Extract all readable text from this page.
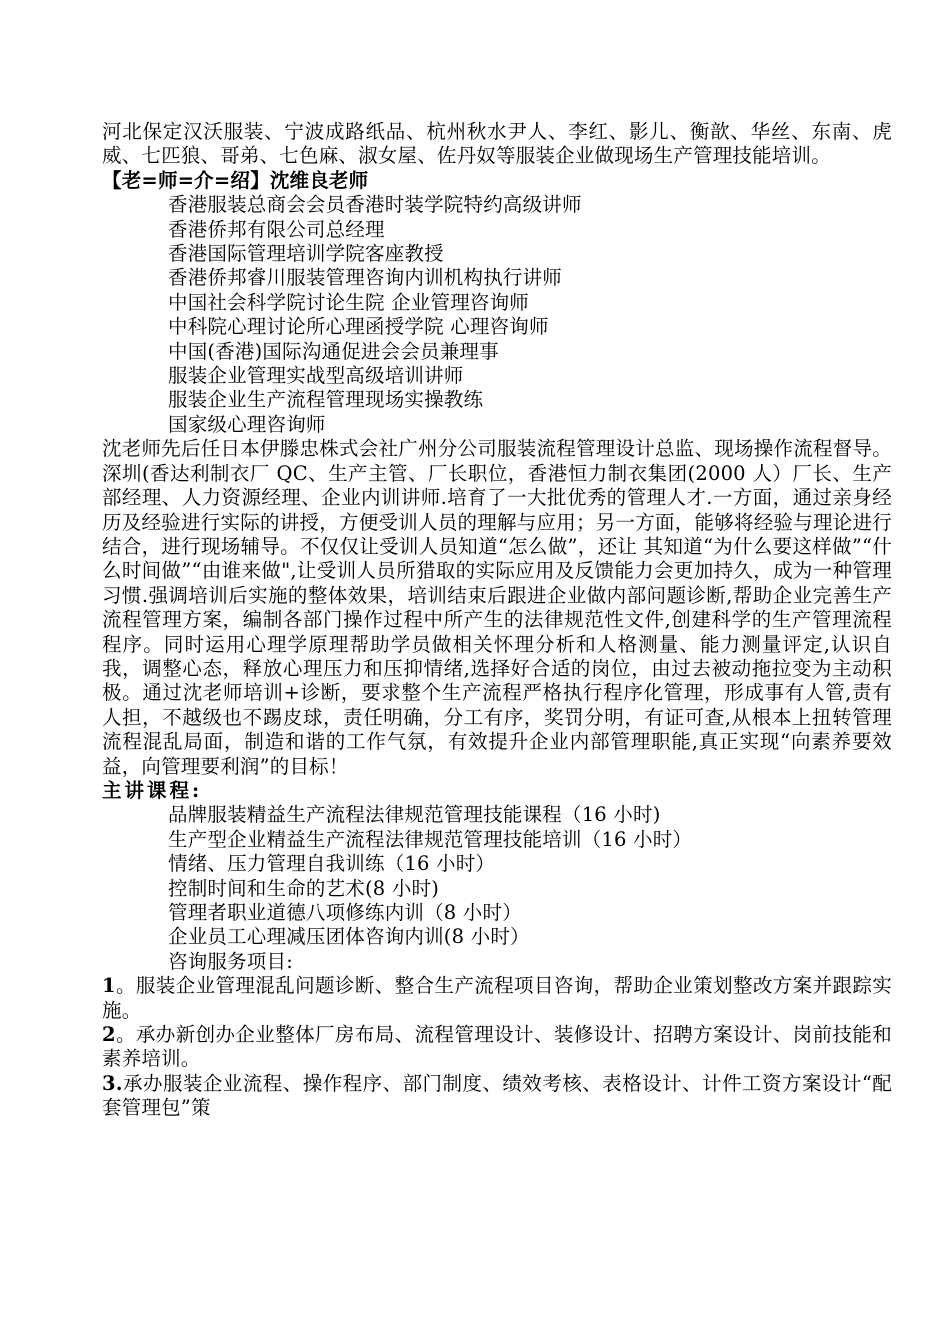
河北保定汉沃服装、宁波成路纸品、杭州秋水尹人、李红、影儿、衡歆、华丝、东南、虎威、七匹狼、哥弟、七色麻、淑女屋、佐丹奴等服装企业做现场生产管理技能培训。

【老=师=介=绍】沈维良老师

香港服装总商会会员香港时装学院特约高级讲师

香港侨邦有限公司总经理

香港国际管理培训学院客座教授

香港侨邦睿川服装管理咨询内训机构执行讲师

中国社会科学院讨论生院 企业管理咨询师

中科院心理讨论所心理函授学院 心理咨询师

中国(香港)国际沟通促进会会员兼理事

服装企业管理实战型高级培训讲师

服装企业生产流程管理现场实操教练

国家级心理咨询师

沈老师先后任日本伊滕忠株式会社广州分公司服装流程管理设计总监、现场操作流程督导。深圳(香达利制衣厂 QC、生产主管、厂长职位，香港恒力制衣集团(2000 人）厂长、生产部经理、人力资源经理、企业内训讲师.培育了一大批优秀的管理人才.一方面，通过亲身经历及经验进行实际的讲授，方便受训人员的理解与应用；另一方面，能够将经验与理论进行结合，进行现场辅导。不仅仅让受训人员知道“怎么做”，还让 其知道“为什么要这样做”“什么时间做”“由谁来做",让受训人员所猎取的实际应用及反馈能力会更加持久，成为一种管理习惯.强调培训后实施的整体效果，培训结束后跟进企业做内部问题诊断,帮助企业完善生产流程管理方案，编制各部门操作过程中所产生的法律规范性文件,创建科学的生产管理流程程序。同时运用心理学原理帮助学员做相关怀理分析和人格测量、能力测量评定,认识自我，调整心态，释放心理压力和压抑情绪,选择好合适的岗位，由过去被动拖拉变为主动积极。通过沈老师培训+诊断，要求整个生产流程严格执行程序化管理，形成事有人管,责有人担，不越级也不踢皮球，责任明确，分工有序，奖罚分明，有证可查,从根本上扭转管理流程混乱局面，制造和谐的工作气氛，有效提升企业内部管理职能,真正实现“向素养要效益，向管理要利润”的目标！

主讲课程:

品牌服装精益生产流程法律规范管理技能课程（16 小时)

生产型企业精益生产流程法律规范管理技能培训（16 小时）

情绪、压力管理自我训练（16 小时）

控制时间和生命的艺术(8 小时)

管理者职业道德八项修练内训（8 小时）

企业员工心理减压团体咨询内训(8 小时）

咨询服务项目:

1。服装企业管理混乱问题诊断、整合生产流程项目咨询，帮助企业策划整改方案并跟踪实施。

2。承办新创办企业整体厂房布局、流程管理设计、装修设计、招聘方案设计、岗前技能和素养培训。

3.承办服装企业流程、操作程序、部门制度、绩效考核、表格设计、计件工资方案设计“配套管理包”策
